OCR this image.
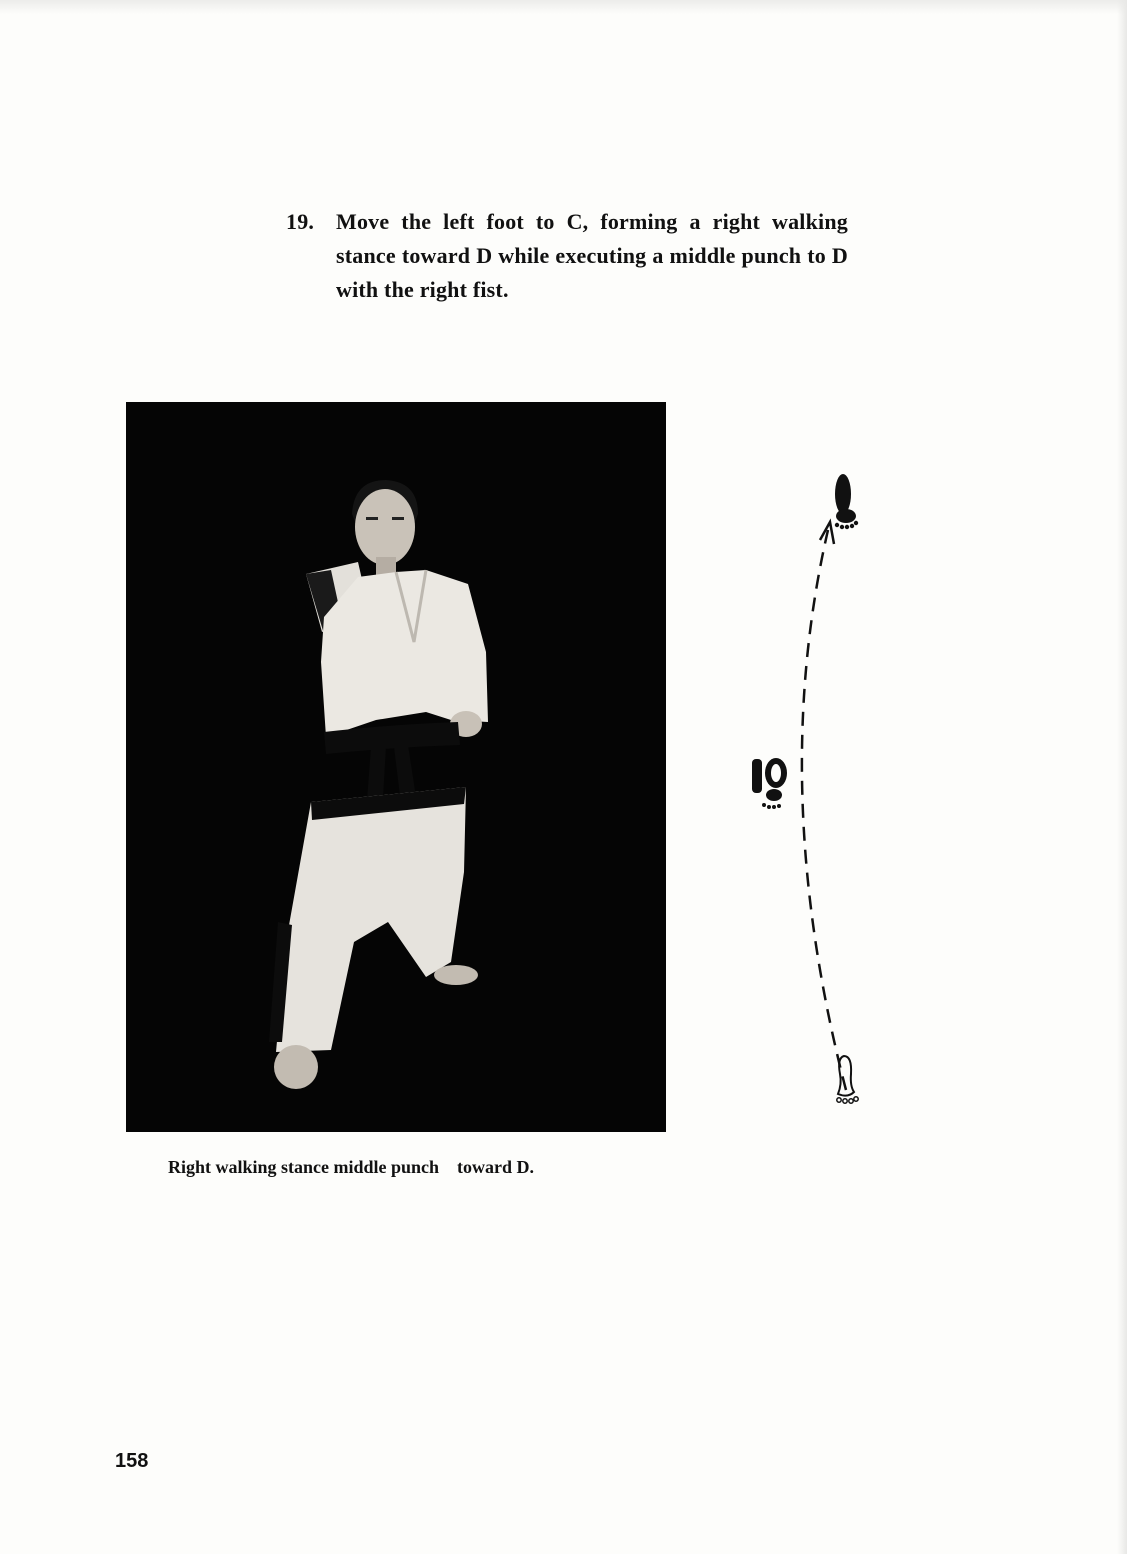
19. Move the left foot to C, forming a right walking stance toward D while executing a middle punch to D with the right fist.
Right walking stance middle punch    toward D.
158
